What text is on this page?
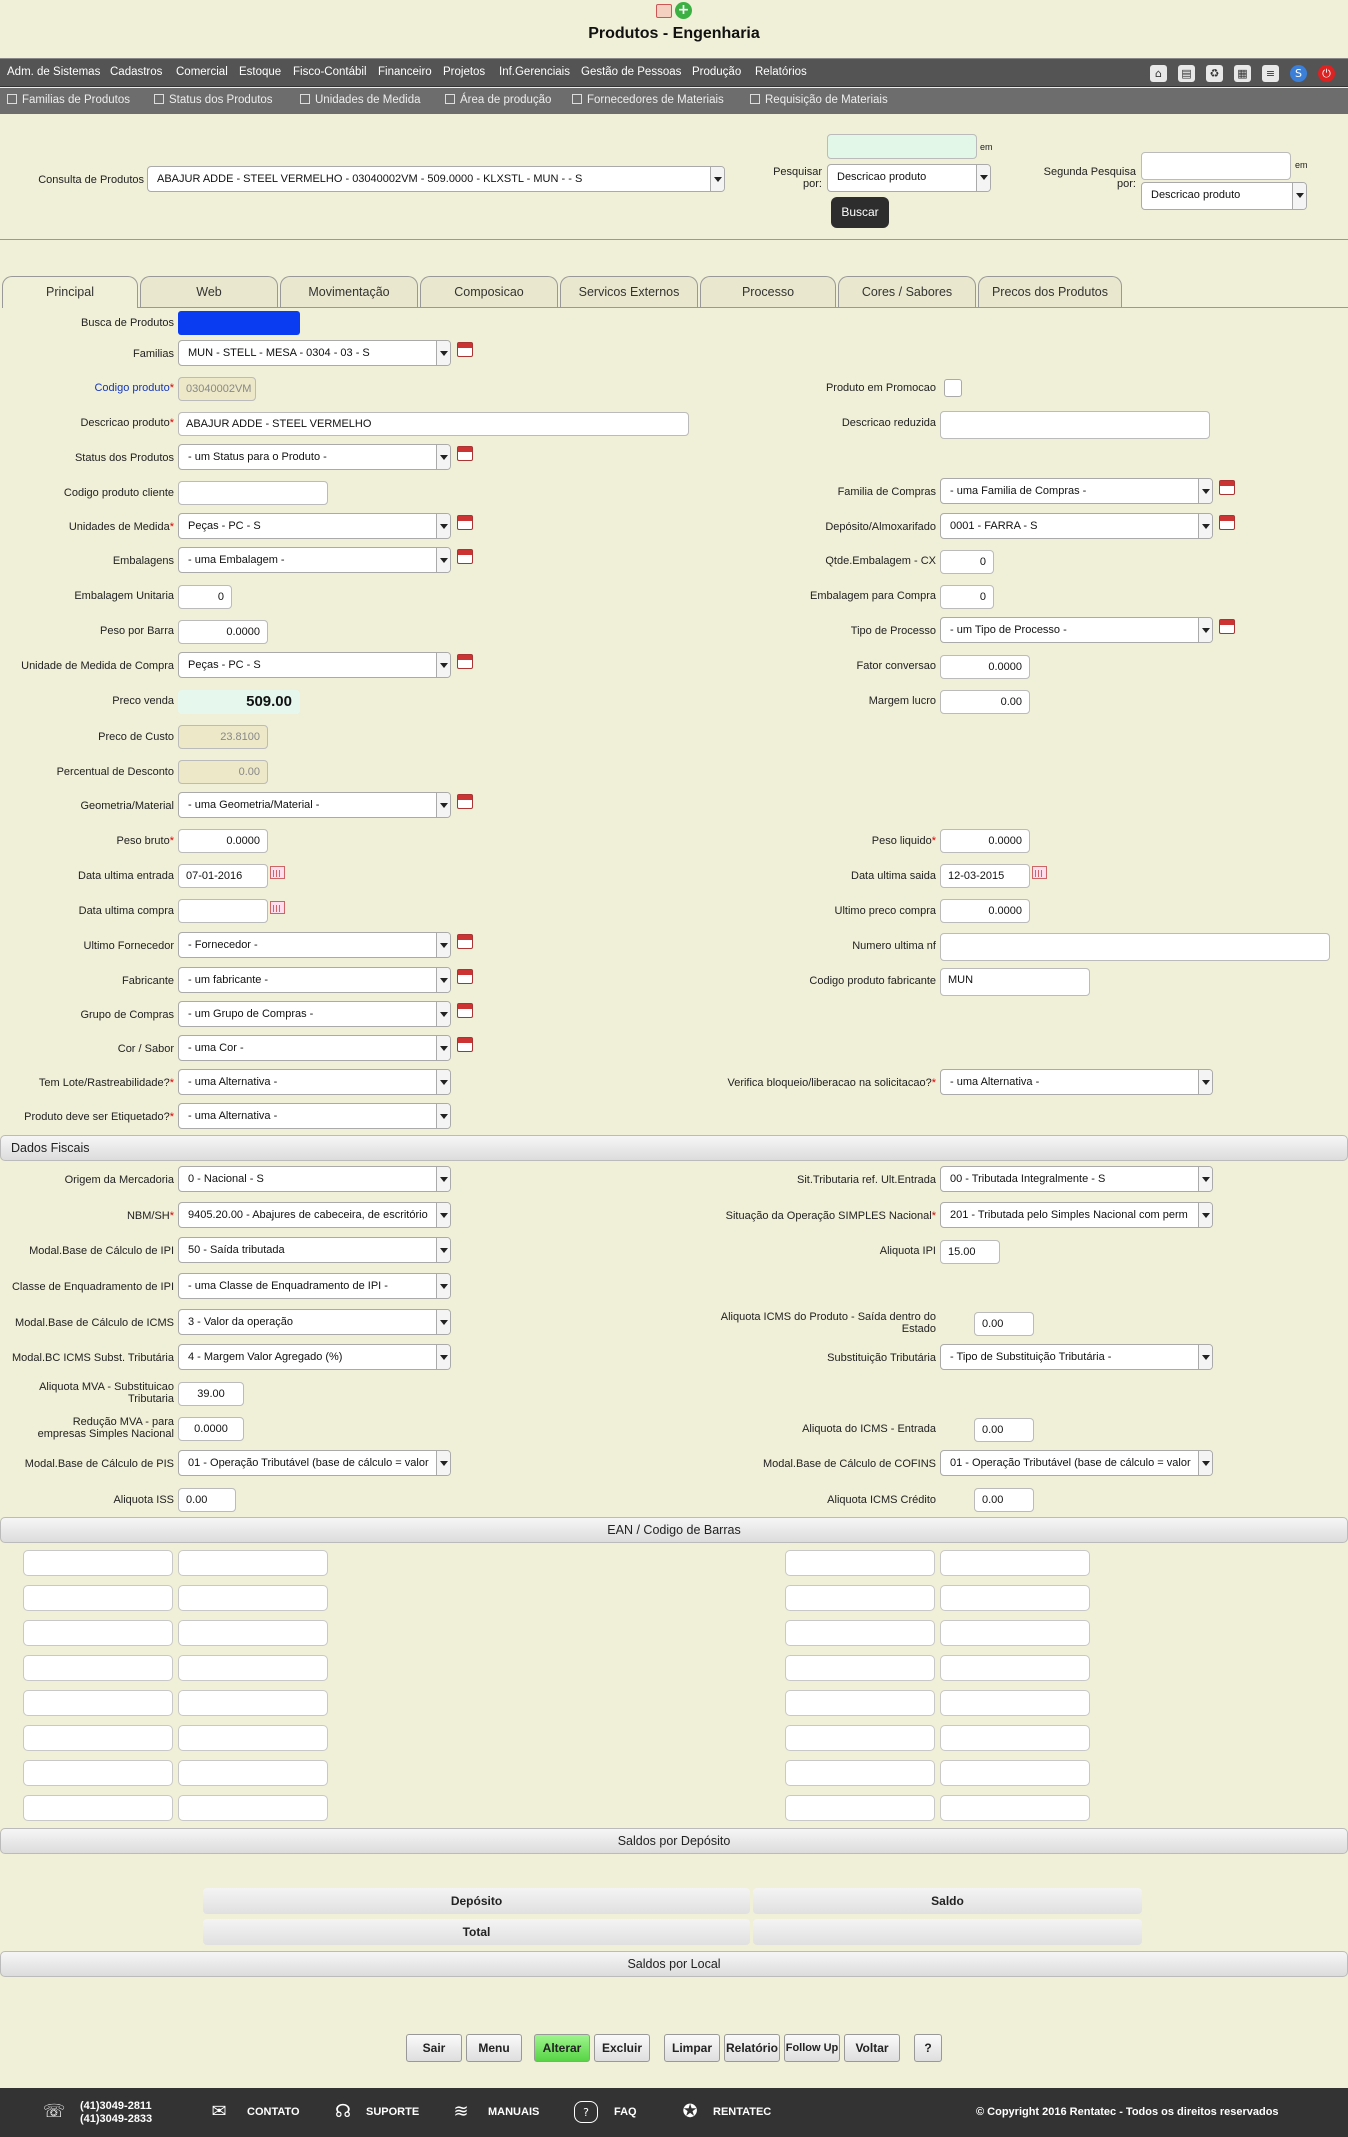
+
Produtos - Engenharia
Adm. de Sistemas Cadastros Comercial Estoque Fisco-Contábil Financeiro Projetos Inf.Gerenciais Gestão de Pessoas Produção Relatórios	⌂	▤	♻	▦	≡	S	⏻
Familias de Produtos	Status dos Produtos	Unidades de Medida	Área de produção	Fornecedores de Materiais	Requisição de Materiais
Consulta de Produtos	ABAJUR ADDE - STEEL VERMELHO - 03040002VM - 509.0000 - KLXSTL - MUN - - S
em
Pesquisar por:
Descricao produto
Buscar
em
Segunda Pesquisa por:
Descricao produto
Principal	Web	Movimentação	Composicao	Servicos Externos	Processo	Cores / Sabores	Precos dos Produtos
Busca de Produtos
Familias	MUN - STELL - MESA - 0304 - 03 - S
Codigo produto*	03040002VM
Descricao produto*	ABAJUR ADDE - STEEL VERMELHO
Status dos Produtos	- um Status para o Produto -
Codigo produto cliente
Unidades de Medida*	Peças - PC - S
Embalagens	- uma Embalagem -
Embalagem Unitaria	0
Peso por Barra	0.0000
Unidade de Medida de Compra	Peças - PC - S
Preco venda	509.00
Preco de Custo	23.8100
Percentual de Desconto	0.00
Geometria/Material	- uma Geometria/Material -
Peso bruto*	0.0000
Data ultima entrada	07-01-2016
Data ultima compra
Ultimo Fornecedor	- Fornecedor -
Fabricante	- um fabricante -
Grupo de Compras	- um Grupo de Compras -
Cor / Sabor	- uma Cor -
Tem Lote/Rastreabilidade?*	- uma Alternativa -
Produto deve ser Etiquetado?*	- uma Alternativa -
Produto em Promocao
Descricao reduzida
Familia de Compras	- uma Familia de Compras -
Depósito/Almoxarifado	0001 - FARRA - S
Qtde.Embalagem - CX	0
Embalagem para Compra	0
Tipo de Processo	- um Tipo de Processo -
Fator conversao	0.0000
Margem lucro	0.00
Peso liquido*	0.0000
Data ultima saida	12-03-2015
Ultimo preco compra	0.0000
Numero ultima nf
Codigo produto fabricante	MUN
Verifica bloqueio/liberacao na solicitacao?*	- uma Alternativa -
Dados Fiscais
Origem da Mercadoria	0 - Nacional - S	Sit.Tributaria ref. Ult.Entrada	00 - Tributada Integralmente - S
NBM/SH*	9405.20.00 - Abajures de cabeceira, de escritório	Situação da Operação SIMPLES Nacional*	201 - Tributada pelo Simples Nacional com perm
Modal.Base de Cálculo de IPI	50 - Saída tributada	Aliquota IPI	15.00
Classe de Enquadramento de IPI	- uma Classe de Enquadramento de IPI -
Modal.Base de Cálculo de ICMS	3 - Valor da operação	Aliquota ICMS do Produto - Saída dentro do Estado	0.00
Modal.BC ICMS Subst. Tributária	4 - Margem Valor Agregado (%)	Substituição Tributária	- Tipo de Substituição Tributária -
Aliquota MVA - Substituicao Tributaria	39.00
Redução MVA - para empresas Simples Nacional	0.0000	Aliquota do ICMS - Entrada	0.00
Modal.Base de Cálculo de PIS	01 - Operação Tributável (base de cálculo = valor	Modal.Base de Cálculo de COFINS	01 - Operação Tributável (base de cálculo = valor
Aliquota ISS	0.00	Aliquota ICMS Crédito	0.00
EAN / Codigo de Barras
Saldos por Depósito
Depósito	Saldo
Total
Saldos por Local
Sair	Menu	Alterar	Excluir	Limpar	Relatório Follow Up	Voltar	?
☏ (41)3049-2811
(41)3049-2833	✉	CONTATO ☊	SUPORTE ≋	MANUAIS	?	FAQ	✪	RENTATEC	© Copyright 2016 Rentatec - Todos os direitos reservados
